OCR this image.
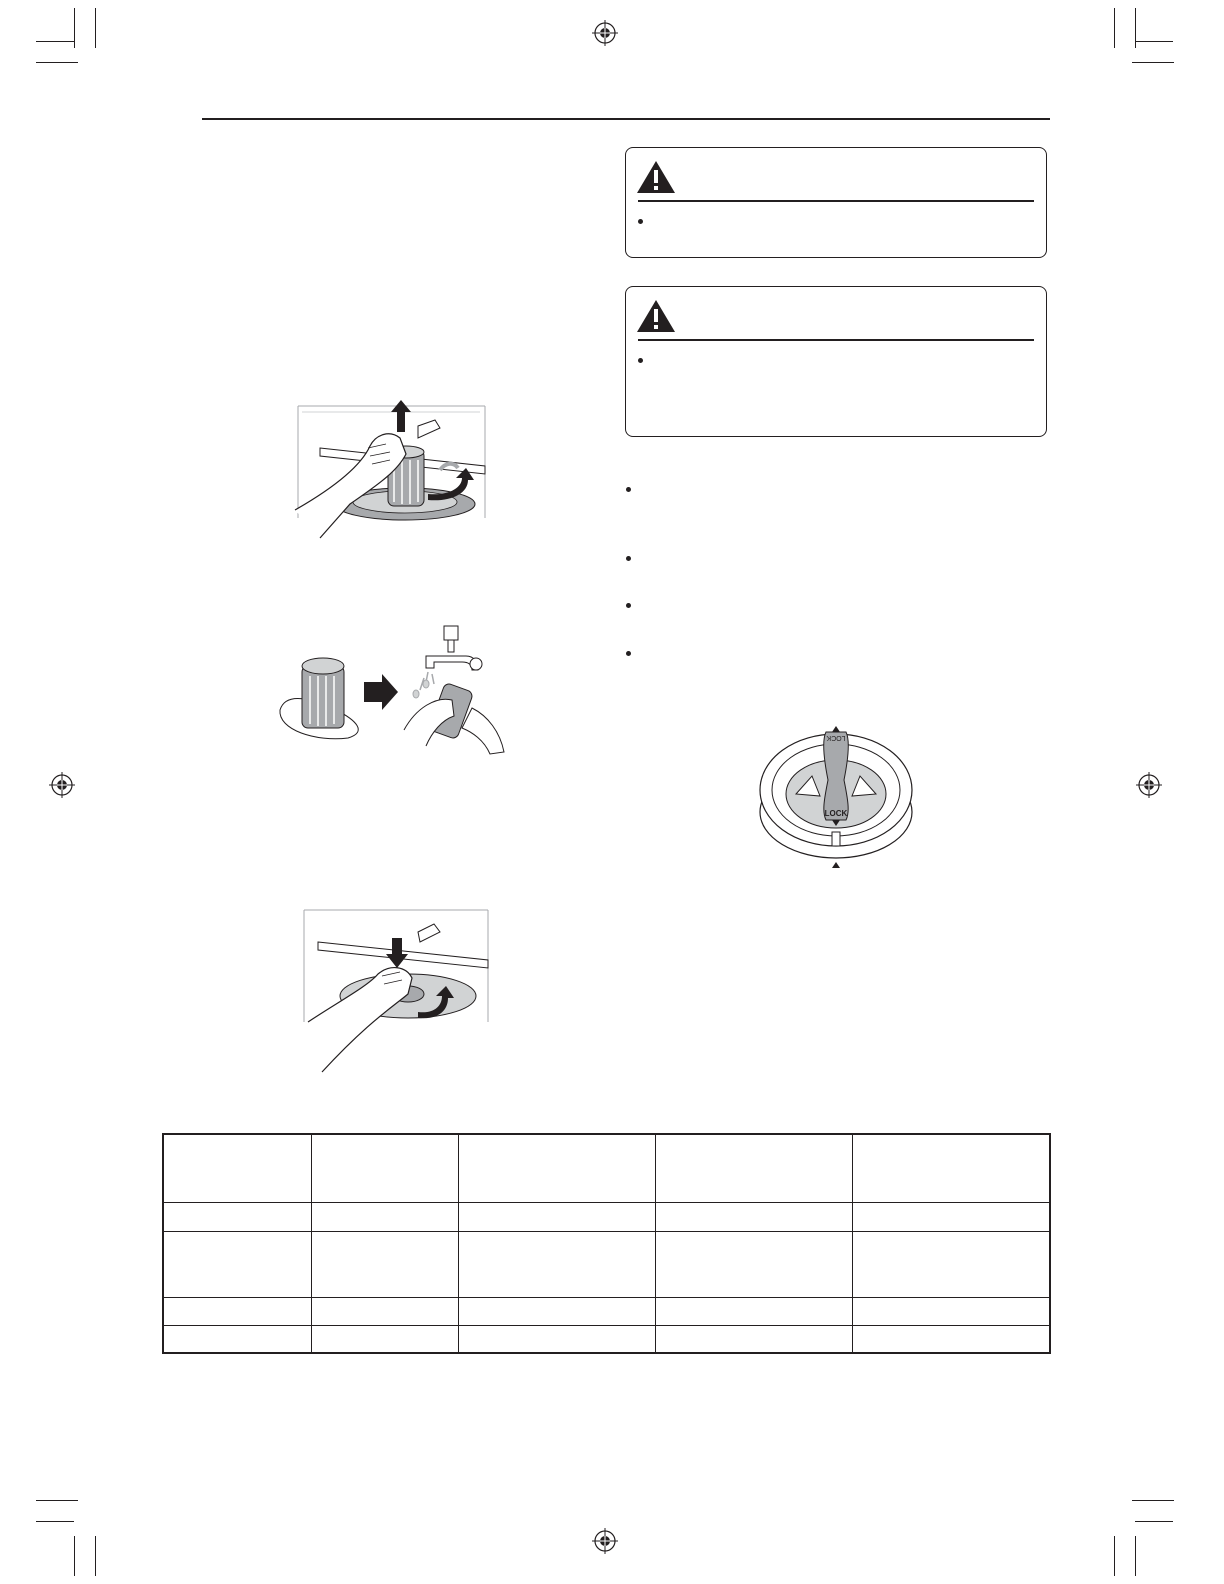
LOCK
LOCK
